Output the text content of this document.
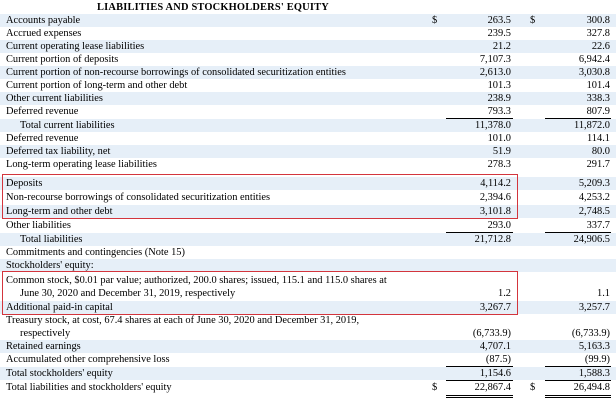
LIABILITIES AND STOCKHOLDERS' EQUITY
Accounts payable	$	263.5 $	300.8
Accrued expenses	239.5	327.8
Current operating lease liabilities	21.2	22.6
Current portion of deposits	7,107.3	6,942.4
Current portion of non-recourse borrowings of consolidated securitization entities	2,613.0	3,030.8
Current portion of long-term and other debt	101.3	101.4
Other current liabilities	238.9	338.3
Deferred revenue	793.3	807.9
Total current liabilities	11,378.0	11,872.0
Deferred revenue	101.0	114.1
Deferred tax liability, net	51.9	80.0
Long-term operating lease liabilities	278.3	291.7
Deposits	4,114.2	5,209.3
Non-recourse borrowings of consolidated securitization entities	2,394.6	4,253.2
Long-term and other debt	3,101.8	2,748.5
Other liabilities	293.0	337.7
Total liabilities	21,712.8	24,906.5
Commitments and contingencies (Note 15)
Stockholders' equity:
Common stock, $0.01 par value; authorized, 200.0 shares; issued, 115.1 and 115.0 shares at
June 30, 2020 and December 31, 2019, respectively	1.2	1.1
Additional paid-in capital	3,267.7	3,257.7
Treasury stock, at cost, 67.4 shares at each of June 30, 2020 and December 31, 2019,
respectively	(6,733.9)	(6,733.9)
Retained earnings	4,707.1	5,163.3
Accumulated other comprehensive loss	(87.5)	(99.9)
Total stockholders' equity	1,154.6	1,588.3
Total liabilities and stockholders' equity	$	22,867.4 $	26,494.8
